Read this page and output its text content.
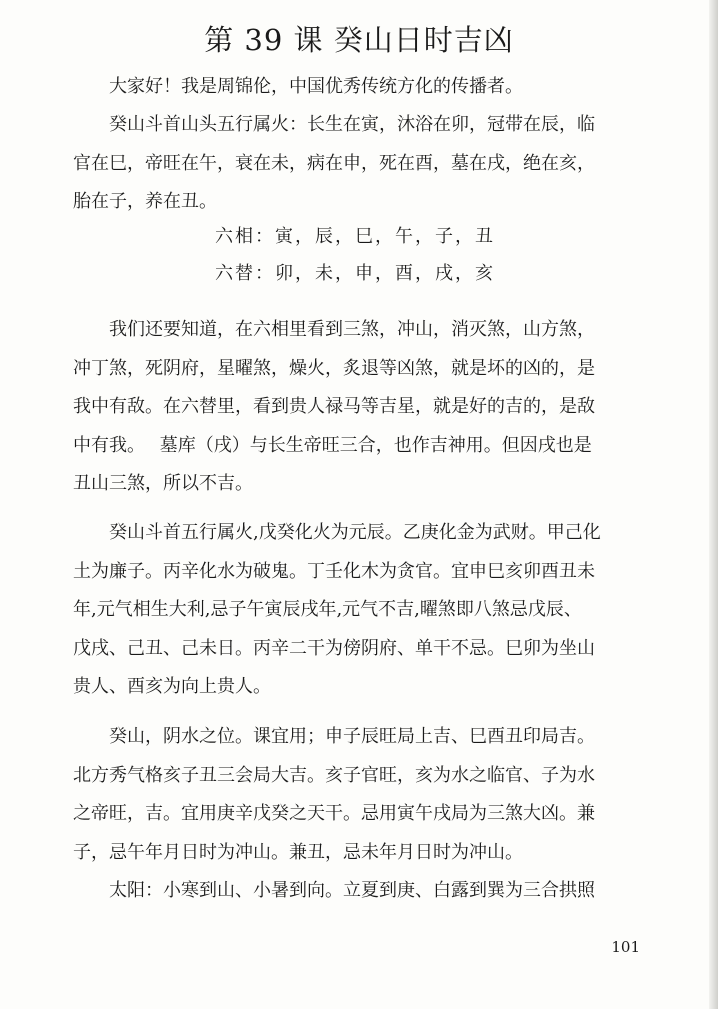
第 39 课 癸山日时吉凶
大家好！我是周锦伦，中国优秀传统方化的传播者。
癸山斗首山头五行属火：长生在寅，沐浴在卯，冠带在辰，临
官在巳，帝旺在午，衰在未，病在申，死在酉，墓在戌，绝在亥，
胎在子，养在丑。
六相：寅，辰，巳，午，子，丑
六替：卯，未，申，酉，戌，亥
我们还要知道，在六相里看到三煞，冲山，消灭煞，山方煞，
冲丁煞，死阴府，星曜煞，燥火，炙退等凶煞，就是坏的凶的，是
我中有敌。在六替里，看到贵人禄马等吉星，就是好的吉的，是敌
中有我。　 墓库（戌）与长生帝旺三合，也作吉神用。但因戌也是
丑山三煞，所以不吉。
癸山斗首五行属火,戊癸化火为元辰。乙庚化金为武财。甲己化
土为廉子。丙辛化水为破鬼。丁壬化木为贪官。宜申巳亥卯酉丑未
年,元气相生大利,忌子午寅辰戌年,元气不吉,曜煞即八煞忌戊辰、
戊戌、己丑、己未日。丙辛二干为傍阴府、单干不忌。巳卯为坐山
贵人、酉亥为向上贵人。
癸山，阴水之位。课宜用；申子辰旺局上吉、巳酉丑印局吉。
北方秀气格亥子丑三会局大吉。亥子官旺，亥为水之临官、子为水
之帝旺，吉。宜用庚辛戊癸之天干。忌用寅午戌局为三煞大凶。兼
子，忌午年月日时为冲山。兼丑，忌未年月日时为冲山。
太阳：小寒到山、小暑到向。立夏到庚、白露到巽为三合拱照
101
